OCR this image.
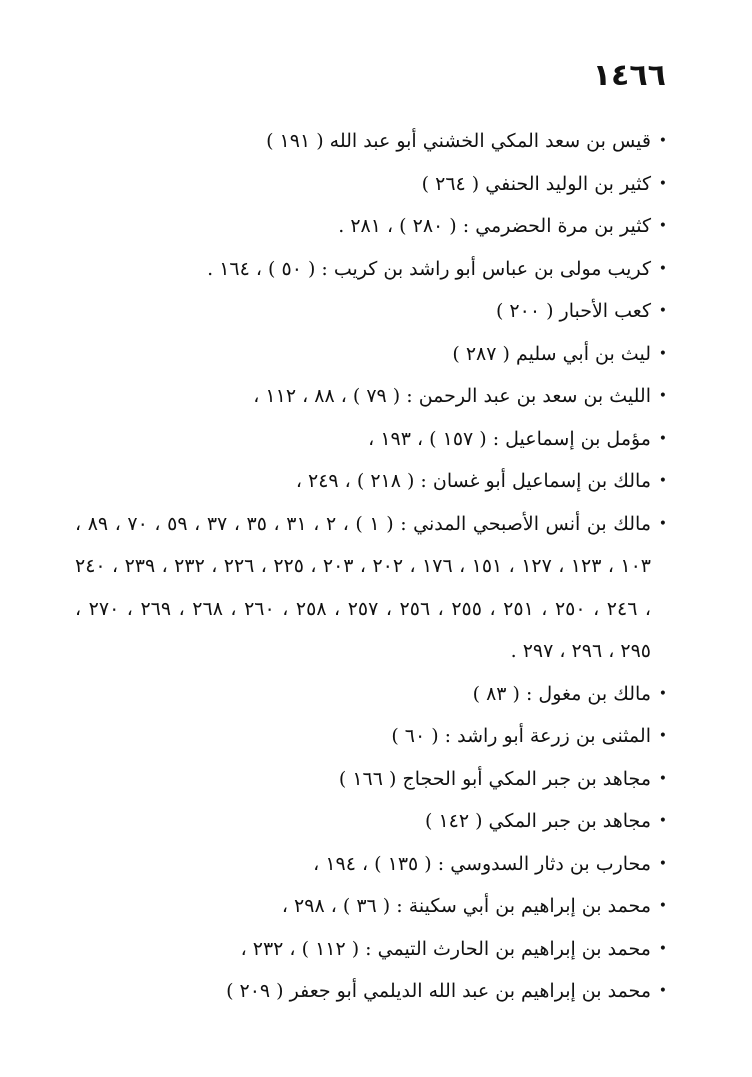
١٤٦٦
•
قيس بن سعد المكي الخشني أبو عبد الله ( ١٩١ )
•
كثير بن الوليد الحنفي ( ٢٦٤ )
•
كثير بن مرة الحضرمي : ( ٢٨٠ ) ، ٢٨١ .
•
كريب مولى بن عباس أبو راشد بن كريب : ( ٥٠ ) ، ١٦٤ .
•
كعب الأحبار ( ٢٠٠ )
•
ليث بن أبي سليم ( ٢٨٧ )
•
الليث بن سعد بن عبد الرحمن : ( ٧٩ ) ، ٨٨ ، ١١٢ ،
•
مؤمل بن إسماعيل : ( ١٥٧ ) ، ١٩٣ ،
•
مالك بن إسماعيل أبو غسان : ( ٢١٨ ) ، ٢٤٩ ،
•
مالك بن أنس الأصبحي المدني : ( ١ ) ، ٢ ، ٣١ ، ٣٥ ، ٣٧ ، ٥٩ ، ٧٠ ، ٨٩ ، ١٠٣ ، ١٢٣ ، ١٢٧ ، ١٥١ ، ١٧٦ ، ٢٠٢ ، ٢٠٣ ، ٢٢٥ ، ٢٢٦ ، ٢٣٢ ، ٢٣٩ ، ٢٤٠ ، ٢٤٦ ، ٢٥٠ ، ٢٥١ ، ٢٥٥ ، ٢٥٦ ، ٢٥٧ ، ٢٥٨ ، ٢٦٠ ، ٢٦٨ ، ٢٦٩ ، ٢٧٠ ، ٢٩٥ ، ٢٩٦ ، ٢٩٧ .
•
مالك بن مغول : ( ٨٣ )
•
المثنى بن زرعة أبو راشد : ( ٦٠ )
•
مجاهد بن جبر المكي أبو الحجاج ( ١٦٦ )
•
مجاهد بن جبر المكي ( ١٤٢ )
•
محارب بن دثار السدوسي : ( ١٣٥ ) ، ١٩٤ ،
•
محمد بن إبراهيم بن أبي سكينة : ( ٣٦ ) ، ٢٩٨ ،
•
محمد بن إبراهيم بن الحارث التيمي : ( ١١٢ ) ، ٢٣٢ ،
•
محمد بن إبراهيم بن عبد الله الديلمي أبو جعفر ( ٢٠٩ )
